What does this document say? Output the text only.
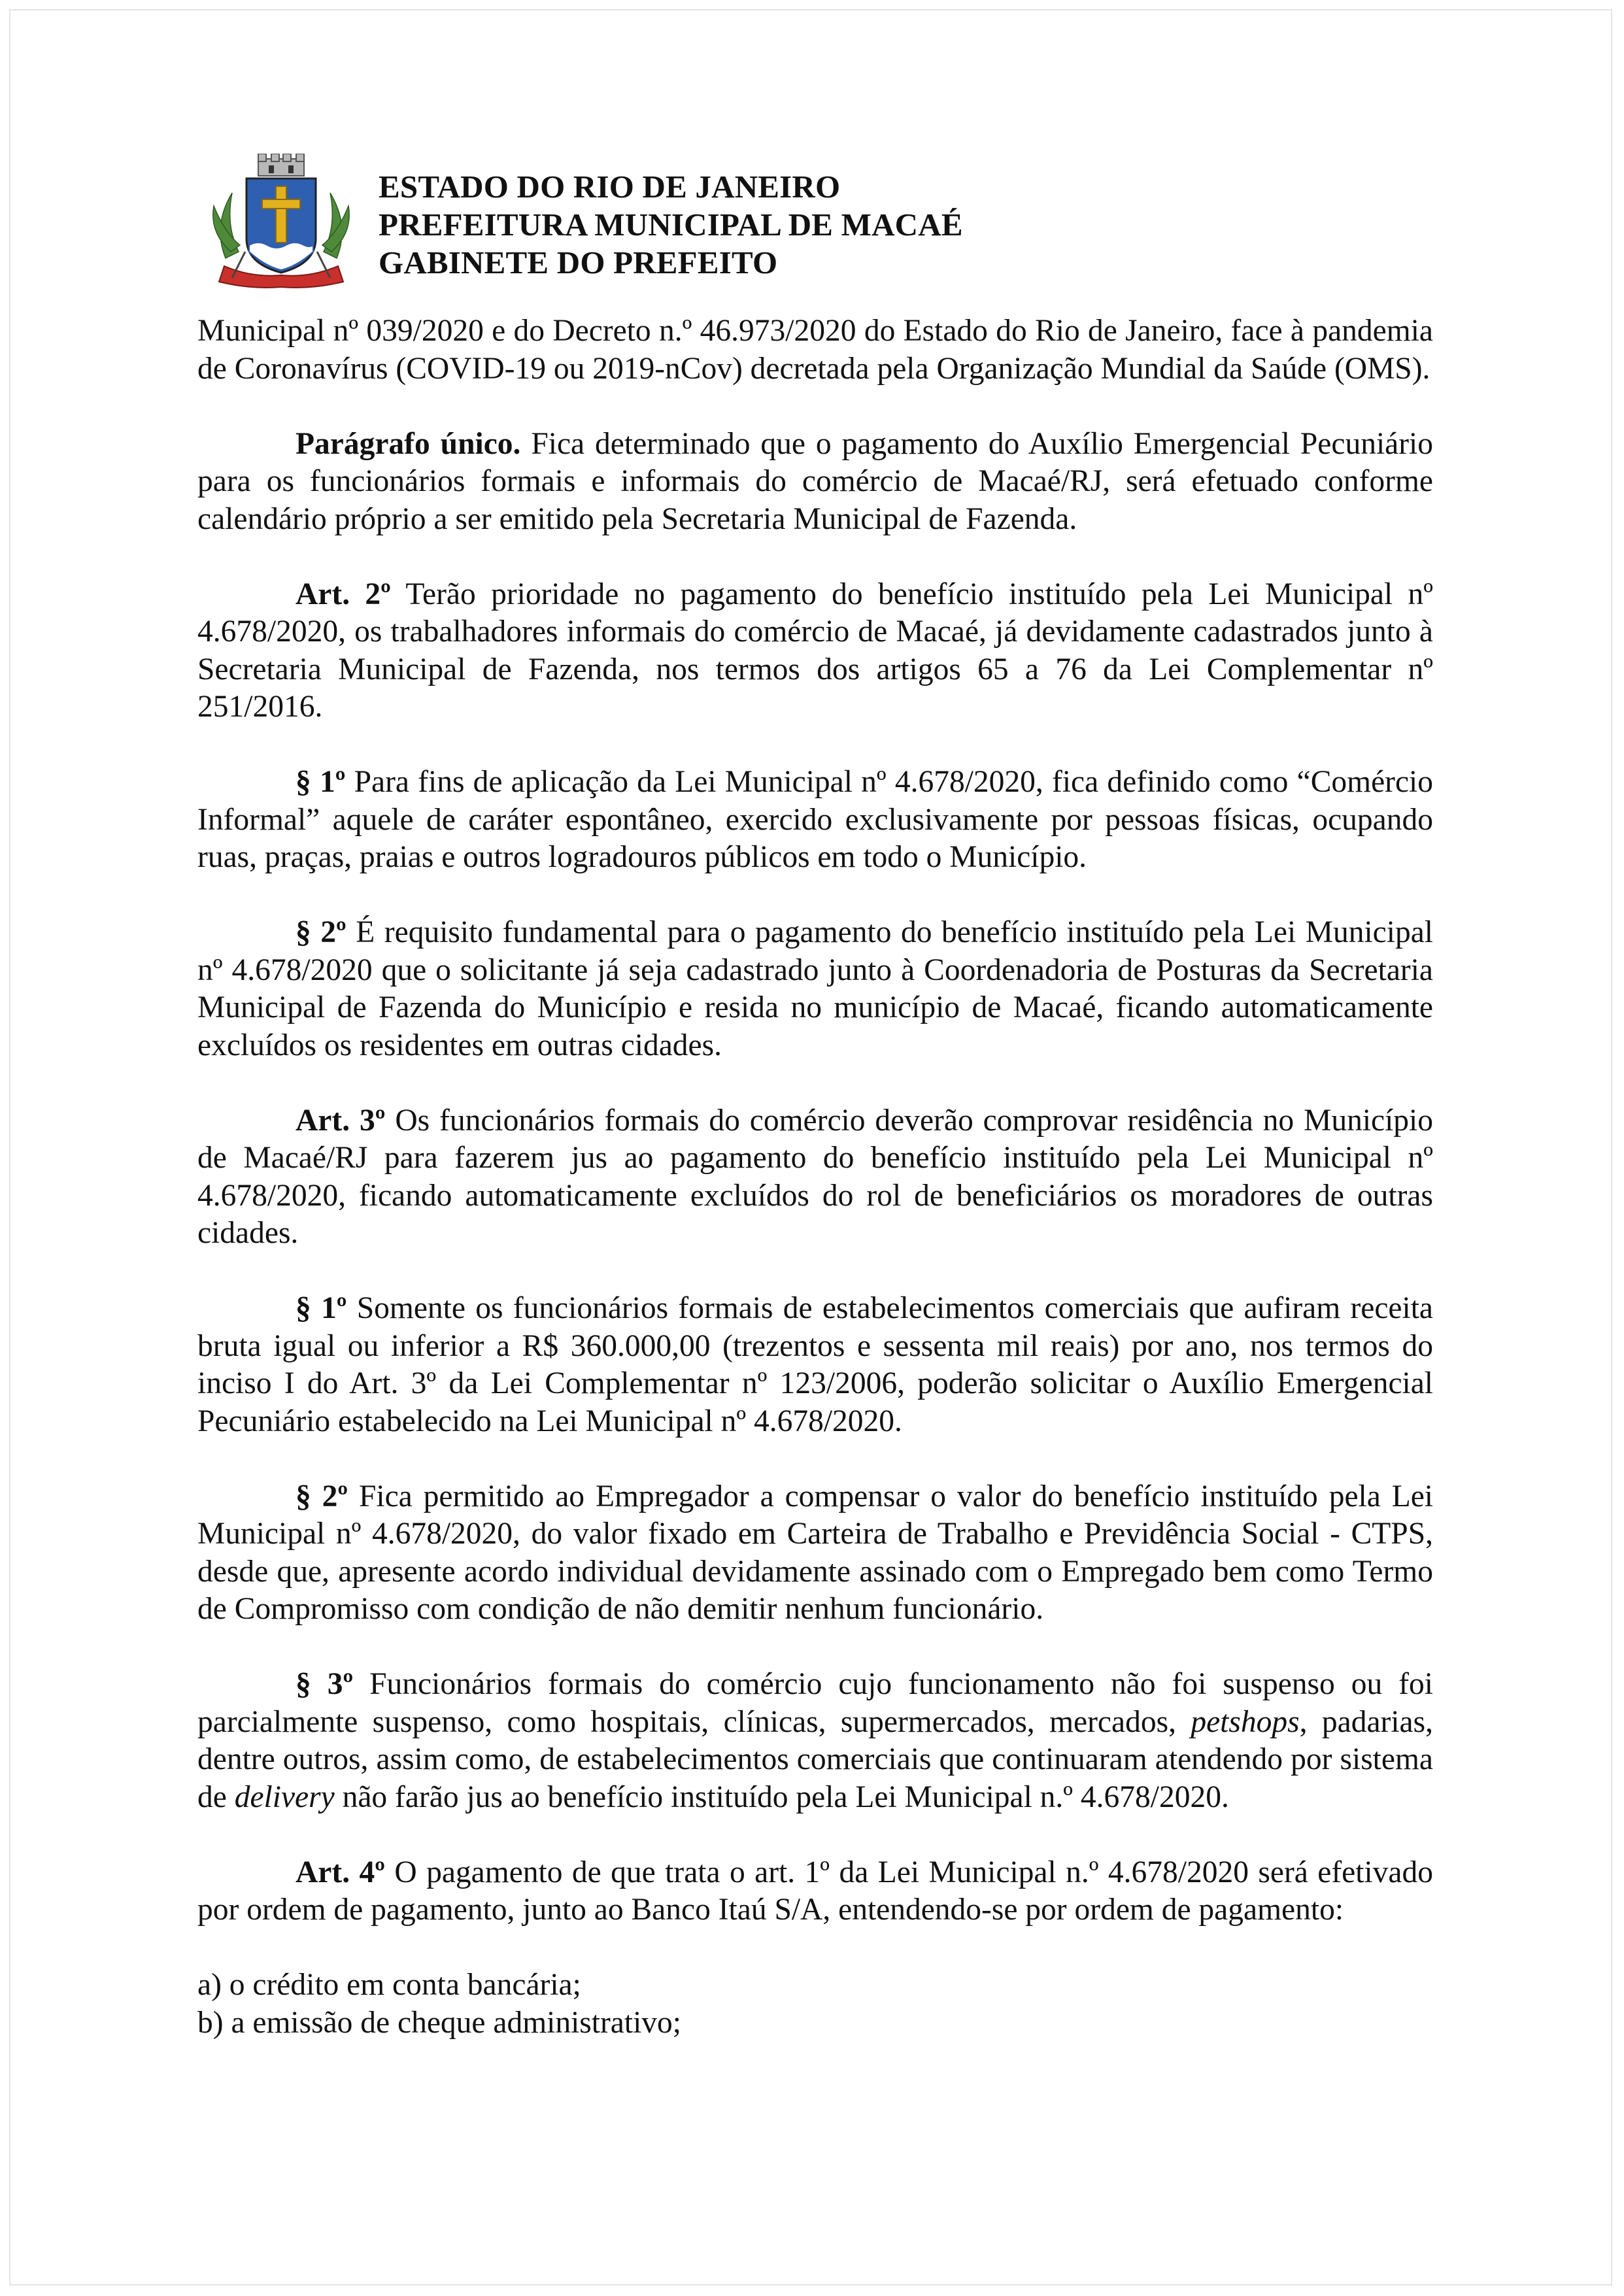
ESTADO DO RIO DE JANEIRO
PREFEITURA MUNICIPAL DE MACAÉ
GABINETE DO PREFEITO

Municipal nº 039/2020 e do Decreto n.º 46.973/2020 do Estado do Rio de Janeiro, face à pandemia de Coronavírus (COVID-19 ou 2019-nCov) decretada pela Organização Mundial da Saúde (OMS).

Parágrafo único. Fica determinado que o pagamento do Auxílio Emergencial Pecuniário para os funcionários formais e informais do comércio de Macaé/RJ, será efetuado conforme calendário próprio a ser emitido pela Secretaria Municipal de Fazenda.

Art. 2º Terão prioridade no pagamento do benefício instituído pela Lei Municipal nº 4.678/2020, os trabalhadores informais do comércio de Macaé, já devidamente cadastrados junto à Secretaria Municipal de Fazenda, nos termos dos artigos 65 a 76 da Lei Complementar nº 251/2016.

§ 1º Para fins de aplicação da Lei Municipal nº 4.678/2020, fica definido como “Comércio Informal” aquele de caráter espontâneo, exercido exclusivamente por pessoas físicas, ocupando ruas, praças, praias e outros logradouros públicos em todo o Município.

§ 2º É requisito fundamental para o pagamento do benefício instituído pela Lei Municipal nº 4.678/2020 que o solicitante já seja cadastrado junto à Coordenadoria de Posturas da Secretaria Municipal de Fazenda do Município e resida no município de Macaé, ficando automaticamente excluídos os residentes em outras cidades.

Art. 3º Os funcionários formais do comércio deverão comprovar residência no Município de Macaé/RJ para fazerem jus ao pagamento do benefício instituído pela Lei Municipal nº 4.678/2020, ficando automaticamente excluídos do rol de beneficiários os moradores de outras cidades.

§ 1º Somente os funcionários formais de estabelecimentos comerciais que aufiram receita bruta igual ou inferior a R$ 360.000,00 (trezentos e sessenta mil reais) por ano, nos termos do inciso I do Art. 3º da Lei Complementar nº 123/2006, poderão solicitar o Auxílio Emergencial Pecuniário estabelecido na Lei Municipal nº 4.678/2020.

§ 2º Fica permitido ao Empregador a compensar o valor do benefício instituído pela Lei Municipal nº 4.678/2020, do valor fixado em Carteira de Trabalho e Previdência Social - CTPS, desde que, apresente acordo individual devidamente assinado com o Empregado bem como Termo de Compromisso com condição de não demitir nenhum funcionário.

§ 3º Funcionários formais do comércio cujo funcionamento não foi suspenso ou foi parcialmente suspenso, como hospitais, clínicas, supermercados, mercados, petshops, padarias, dentre outros, assim como, de estabelecimentos comerciais que continuaram atendendo por sistema de delivery não farão jus ao benefício instituído pela Lei Municipal n.º 4.678/2020.

Art. 4º O pagamento de que trata o art. 1º da Lei Municipal n.º 4.678/2020 será efetivado por ordem de pagamento, junto ao Banco Itaú S/A, entendendo-se por ordem de pagamento:

a) o crédito em conta bancária;

b) a emissão de cheque administrativo;
